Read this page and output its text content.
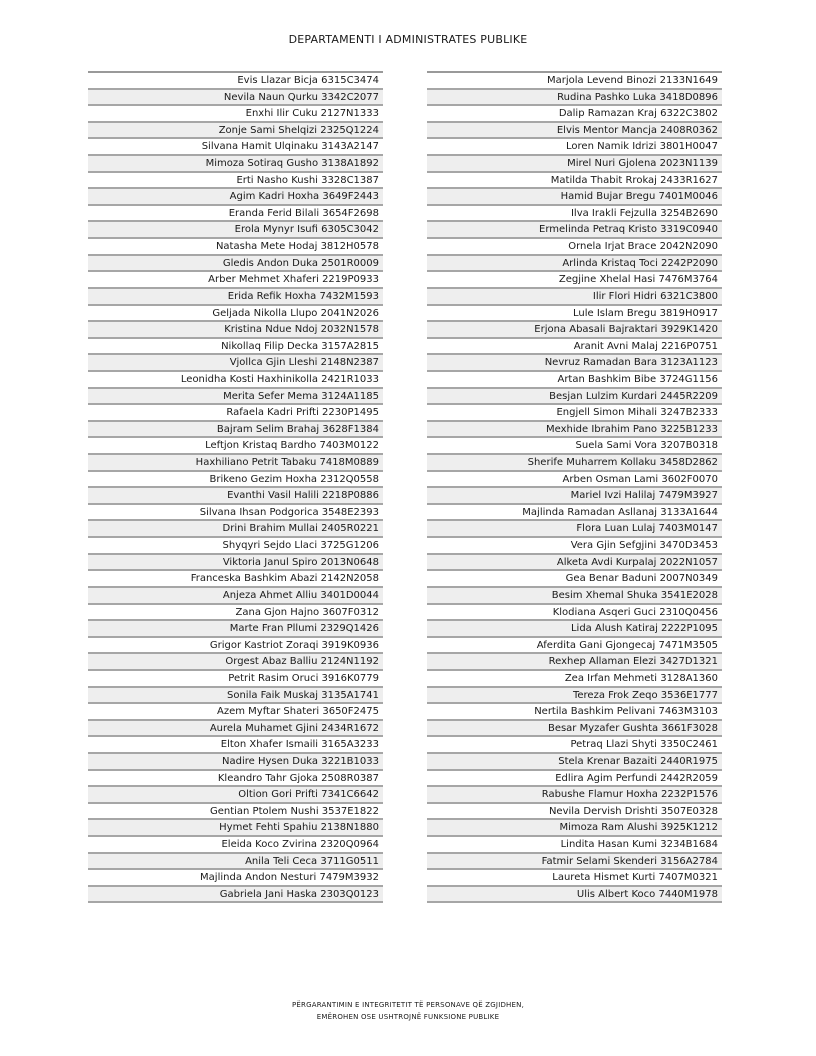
DEPARTAMENTI I ADMINISTRATES PUBLIKE
Evis Llazar Bicja 6315C3474
Nevila Naun Qurku 3342C2077
Enxhi Ilir Cuku 2127N1333
Zonje Sami Shelqizi 2325Q1224
Silvana Hamit Ulqinaku 3143A2147
Mimoza Sotiraq Gusho 3138A1892
Erti Nasho Kushi 3328C1387
Agim Kadri Hoxha 3649F2443
Eranda Ferid Bilali 3654F2698
Erola Mynyr Isufi 6305C3042
Natasha Mete Hodaj 3812H0578
Gledis Andon Duka 2501R0009
Arber Mehmet Xhaferi 2219P0933
Erida Refik Hoxha 7432M1593
Geljada Nikolla Llupo 2041N2026
Kristina Ndue Ndoj 2032N1578
Nikollaq Filip Decka 3157A2815
Vjollca Gjin Lleshi 2148N2387
Leonidha Kosti Haxhinikolla 2421R1033
Merita Sefer Mema 3124A1185
Rafaela Kadri Prifti 2230P1495
Bajram Selim Brahaj 3628F1384
Leftjon Kristaq Bardho 7403M0122
Haxhiliano Petrit Tabaku 7418M0889
Brikeno Gezim Hoxha 2312Q0558
Evanthi Vasil Halili 2218P0886
Silvana Ihsan Podgorica 3548E2393
Drini Brahim Mullai 2405R0221
Shyqyri Sejdo Llaci 3725G1206
Viktoria Janul Spiro 2013N0648
Franceska Bashkim Abazi 2142N2058
Anjeza Ahmet Alliu 3401D0044
Zana Gjon Hajno 3607F0312
Marte Fran Pllumi 2329Q1426
Grigor Kastriot Zoraqi 3919K0936
Orgest Abaz Balliu 2124N1192
Petrit Rasim Oruci 3916K0779
Sonila Faik Muskaj 3135A1741
Azem Myftar Shateri 3650F2475
Aurela Muhamet Gjini 2434R1672
Elton Xhafer Ismaili 3165A3233
Nadire Hysen Duka 3221B1033
Kleandro Tahr Gjoka 2508R0387
Oltion Gori Prifti 7341C6642
Gentian Ptolem Nushi 3537E1822
Hymet Fehti Spahiu 2138N1880
Eleida Koco Zvirina 2320Q0964
Anila Teli Ceca 3711G0511
Majlinda Andon Nesturi 7479M3932
Gabriela Jani Haska 2303Q0123
Marjola Levend Binozi 2133N1649
Rudina Pashko Luka 3418D0896
Dalip Ramazan Kraj 6322C3802
Elvis Mentor Mancja 2408R0362
Loren Namik Idrizi 3801H0047
Mirel Nuri Gjolena 2023N1139
Matilda Thabit Rrokaj 2433R1627
Hamid Bujar Bregu 7401M0046
Ilva Irakli Fejzulla 3254B2690
Ermelinda Petraq Kristo 3319C0940
Ornela Irjat Brace 2042N2090
Arlinda Kristaq Toci 2242P2090
Zegjine Xhelal Hasi 7476M3764
Ilir Flori Hidri 6321C3800
Lule Islam Bregu 3819H0917
Erjona Abasali Bajraktari 3929K1420
Aranit Avni Malaj 2216P0751
Nevruz Ramadan Bara 3123A1123
Artan Bashkim Bibe 3724G1156
Besjan Lulzim Kurdari 2445R2209
Engjell Simon Mihali 3247B2333
Mexhide Ibrahim Pano 3225B1233
Suela Sami Vora 3207B0318
Sherife Muharrem Kollaku 3458D2862
Arben Osman Lami 3602F0070
Mariel Ivzi Halilaj 7479M3927
Majlinda Ramadan Asllanaj 3133A1644
Flora Luan Lulaj 7403M0147
Vera Gjin Sefgjini 3470D3453
Alketa Avdi Kurpalaj 2022N1057
Gea Benar Baduni 2007N0349
Besim Xhemal Shuka 3541E2028
Klodiana Asqeri Guci 2310Q0456
Lida Alush Katiraj 2222P1095
Aferdita Gani Gjongecaj 7471M3505
Rexhep Allaman Elezi 3427D1321
Zea Irfan Mehmeti 3128A1360
Tereza Frok Zeqo 3536E1777
Nertila Bashkim Pelivani 7463M3103
Besar Myzafer Gushta 3661F3028
Petraq Llazi Shyti 3350C2461
Stela Krenar Bazaiti 2440R1975
Edlira Agim Perfundi 2442R2059
Rabushe Flamur Hoxha 2232P1576
Nevila Dervish Drishti 3507E0328
Mimoza Ram Alushi 3925K1212
Lindita Hasan Kumi 3234B1684
Fatmir Selami Skenderi 3156A2784
Laureta Hismet Kurti 7407M0321
Ulis Albert Koco 7440M1978
PËRGARANTIMIN E INTEGRITETIT TË PERSONAVE QË ZGJIDHEN,
EMËROHEN OSE USHTROJNË FUNKSIONE PUBLIKE
